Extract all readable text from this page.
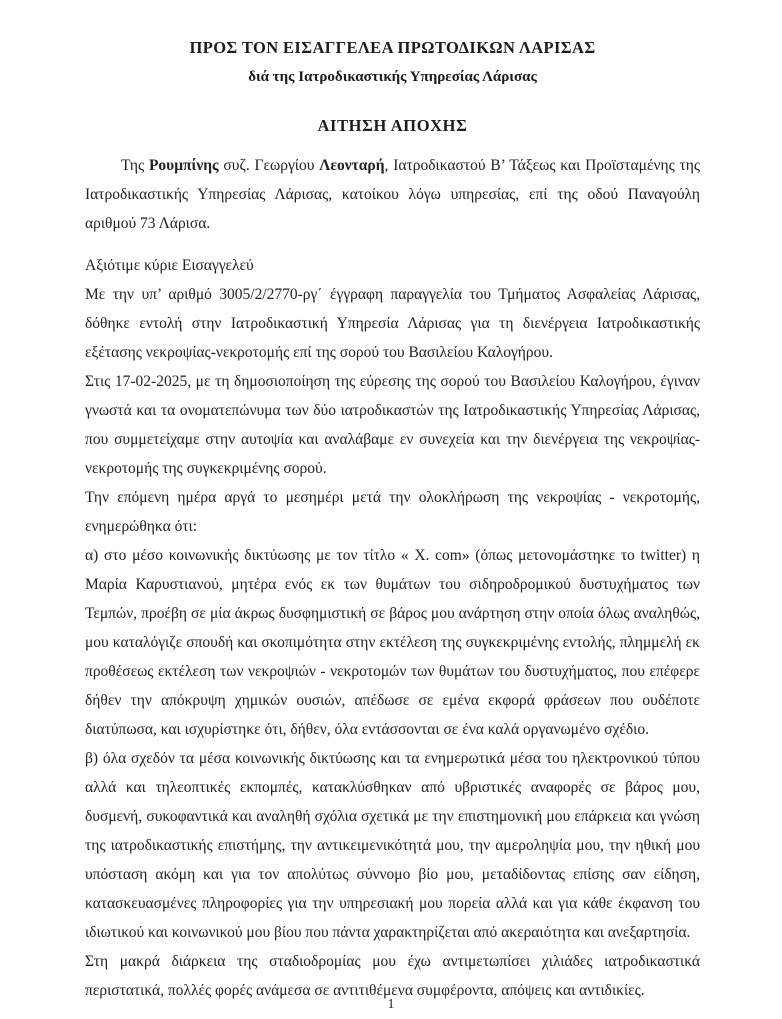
ΠΡΟΣ ΤΟΝ ΕΙΣΑΓΓΕΛΕΑ ΠΡΩΤΟΔΙΚΩΝ ΛΑΡΙΣΑΣ
διά της Ιατροδικαστικής Υπηρεσίας Λάρισας
ΑΙΤΗΣΗ ΑΠΟΧΗΣ

Της Ρουμπίνης συζ. Γεωργίου Λεονταρή, Ιατροδικαστού Β’ Τάξεως και Προϊσταμένης της Ιατροδικαστικής Υπηρεσίας Λάρισας, κατοίκου λόγω υπηρεσίας, επί της οδού Παναγούλη αριθμού 73 Λάρισα.

Αξιότιμε κύριε Εισαγγελεύ

Με την υπ’ αριθμό 3005/2/2770-ργ΄ έγγραφη παραγγελία του Τμήματος Ασφαλείας Λάρισας, δόθηκε εντολή στην Ιατροδικαστική Υπηρεσία Λάρισας για τη διενέργεια Ιατροδικαστικής εξέτασης νεκροψίας-νεκροτομής επί της σορού του Βασιλείου Καλογήρου.

Στις 17-02-2025, με τη δημοσιοποίηση της εύρεσης της σορού του Βασιλείου Καλογήρου, έγιναν γνωστά και τα ονοματεπώνυμα των δύο ιατροδικαστών της Ιατροδικαστικής Υπηρεσίας Λάρισας, που συμμετείχαμε στην αυτοψία και αναλάβαμε εν συνεχεία και την διενέργεια της νεκροψίας-νεκροτομής της συγκεκριμένης σορού.

Την επόμενη ημέρα αργά το μεσημέρι μετά την ολοκλήρωση της νεκροψίας - νεκροτομής, ενημερώθηκα ότι:

α) στο μέσο κοινωνικής δικτύωσης με τον τίτλο « X. com» (όπως μετονομάστηκε το twitter) η Μαρία Καρυστιανού, μητέρα ενός εκ των θυμάτων του σιδηροδρομικού δυστυχήματος των Τεμπών, προέβη σε μία άκρως δυσφημιστική σε βάρος μου ανάρτηση στην οποία όλως αναληθώς, μου καταλόγιζε σπουδή και σκοπιμότητα στην εκτέλεση της συγκεκριμένης εντολής, πλημμελή εκ προθέσεως εκτέλεση των νεκροψιών - νεκροτομών των θυμάτων του δυστυχήματος, που επέφερε δήθεν την απόκρυψη χημικών ουσιών, απέδωσε σε εμένα εκφορά φράσεων που ουδέποτε διατύπωσα, και ισχυρίστηκε ότι, δήθεν, όλα εντάσσονται σε ένα καλά οργανωμένο σχέδιο.

β) όλα σχεδόν τα μέσα κοινωνικής δικτύωσης και τα ενημερωτικά μέσα του ηλεκτρονικού τύπου αλλά και τηλεοπτικές εκπομπές, κατακλύσθηκαν από υβριστικές αναφορές σε βάρος μου, δυσμενή, συκοφαντικά και αναληθή σχόλια σχετικά με την επιστημονική μου επάρκεια και γνώση της ιατροδικαστικής επιστήμης, την αντικειμενικότητά μου, την αμεροληψία μου, την ηθική μου υπόσταση ακόμη και για τον απολύτως σύννομο βίο μου, μεταδίδοντας επίσης σαν είδηση, κατασκευασμένες πληροφορίες για την υπηρεσιακή μου πορεία αλλά και για κάθε έκφανση του ιδιωτικού και κοινωνικού μου βίου που πάντα χαρακτηρίζεται από ακεραιότητα και ανεξαρτησία.

Στη μακρά διάρκεια της σταδιοδρομίας μου έχω αντιμετωπίσει χιλιάδες ιατροδικαστικά περιστατικά, πολλές φορές ανάμεσα σε αντιτιθέμενα συμφέροντα, απόψεις και αντιδικίες.

1
